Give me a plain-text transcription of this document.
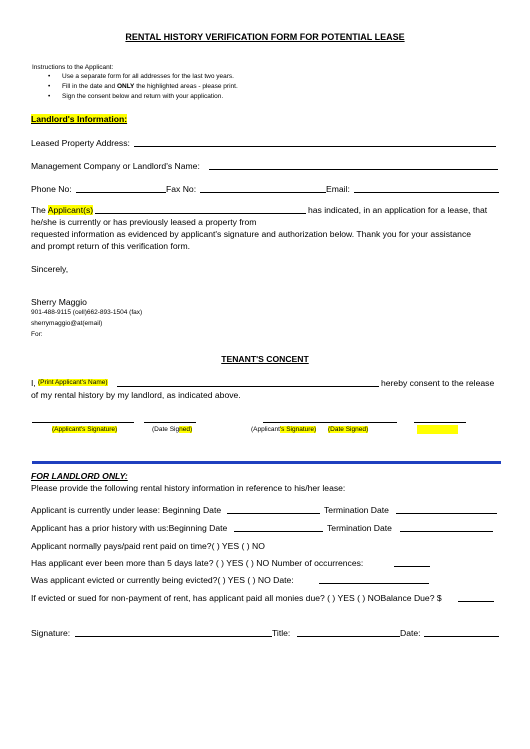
RENTAL HISTORY VERIFICATION FORM FOR POTENTIAL LEASE
Instructions to the Applicant:
• Use a separate form for all addresses for the last two years.
• Fill in the date and ONLY the highlighted areas - please print.
• Sign the consent below and return with your application.
Landlord's Information:
Leased Property Address:
Management Company or Landlord's Name:
Phone No:	Fax No:	Email:
The Applicant(s)	has indicated, in an application for a lease, that
he/she is currently or has previously leased a property from
requested information as evidenced by applicant's signature and authorization below. Thank you for your assistance
and prompt return of this verification form.
Sincerely,
Sherry Maggio
901-488-9115 (cell)662-893-1504 (fax)
sherrymaggio@at(email)
For:
TENANT'S CONCENT
I, (Print Applicant's Name)	hereby consent to the release
of my rental history by my landlord, as indicated above.
(Applicant's Signature)	(Date Signed)	(Applicant's Signature) (Date Signed)
FOR LANDLORD ONLY:
Please provide the following rental history information in reference to his/her lease:
Applicant is currently under lease: Beginning Date	Termination Date
Applicant has a prior history with us:Beginning Date	Termination Date
Applicant normally pays/paid rent paid on time?( ) YES ( ) NO
Has applicant ever been more than 5 days late? ( ) YES ( ) NO Number of occurrences:
Was applicant evicted or currently being evicted?( ) YES ( ) NO Date:
If evicted or sued for non-payment of rent, has applicant paid all monies due? ( ) YES ( ) NOBalance Due? $
Signature:	Title:	Date:
